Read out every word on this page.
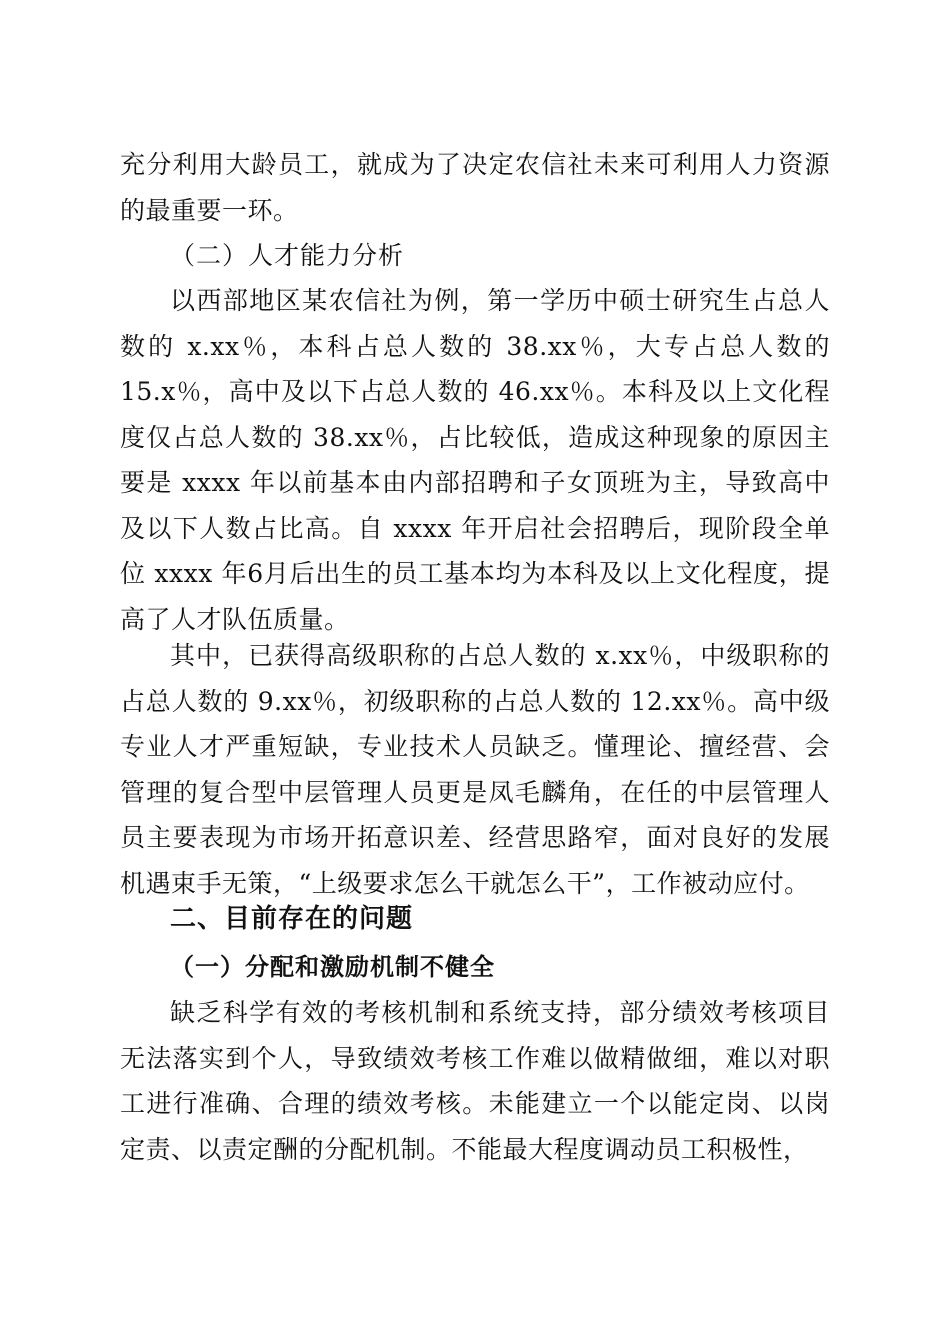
充分利用大龄员工，就成为了决定农信社未来可利用人力资源的最重要一环。

（二）人才能力分析

以西部地区某农信社为例，第一学历中硕士研究生占总人数的 x.xx％，本科占总人数的 38.xx％，大专占总人数的 15.x％，高中及以下占总人数的 46.xx％。本科及以上文化程度仅占总人数的 38.xx％，占比较低，造成这种现象的原因主要是 xxxx 年以前基本由内部招聘和子女顶班为主，导致高中及以下人数占比高。自 xxxx 年开启社会招聘后，现阶段全单位 xxxx 年6月后出生的员工基本均为本科及以上文化程度，提高了人才队伍质量。

其中，已获得高级职称的占总人数的 x.xx％，中级职称的占总人数的 9.xx％，初级职称的占总人数的 12.xx％。高中级专业人才严重短缺，专业技术人员缺乏。懂理论、擅经营、会管理的复合型中层管理人员更是凤毛麟角，在任的中层管理人员主要表现为市场开拓意识差、经营思路窄，面对良好的发展机遇束手无策，“上级要求怎么干就怎么干”，工作被动应付。

二、目前存在的问题

（一）分配和激励机制不健全

缺乏科学有效的考核机制和系统支持，部分绩效考核项目无法落实到个人，导致绩效考核工作难以做精做细，难以对职工进行准确、合理的绩效考核。未能建立一个以能定岗、以岗定责、以责定酬的分配机制。不能最大程度调动员工积极性，
